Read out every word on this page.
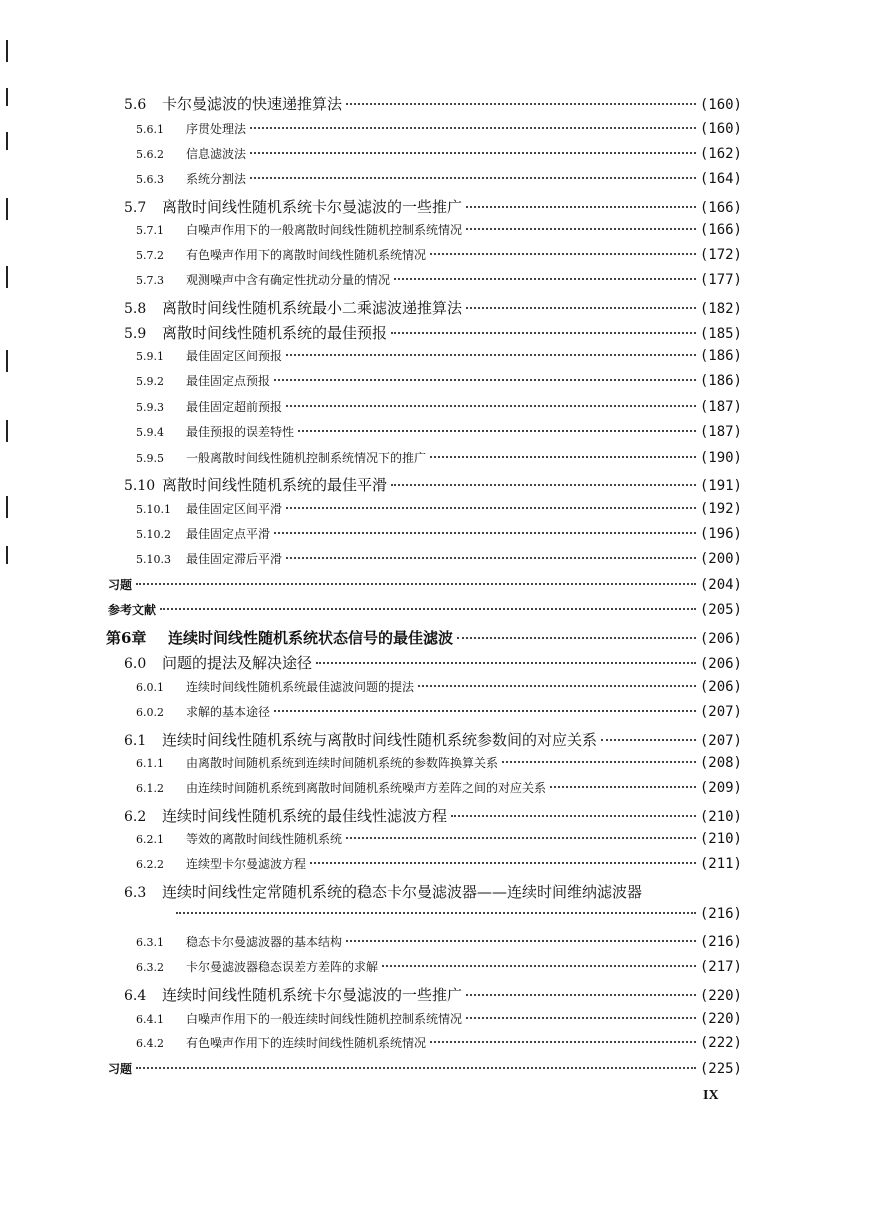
5.6	卡尔曼滤波的快速递推算法	(160)
5.6.1	序贯处理法	(160)
5.6.2	信息滤波法	(162)
5.6.3	系统分割法	(164)
5.7	离散时间线性随机系统卡尔曼滤波的一些推广	(166)
5.7.1	白噪声作用下的一般离散时间线性随机控制系统情况	(166)
5.7.2	有色噪声作用下的离散时间线性随机系统情况	(172)
5.7.3	观测噪声中含有确定性扰动分量的情况	(177)
5.8	离散时间线性随机系统最小二乘滤波递推算法	(182)
5.9	离散时间线性随机系统的最佳预报	(185)
5.9.1	最佳固定区间预报	(186)
5.9.2	最佳固定点预报	(186)
5.9.3	最佳固定超前预报	(187)
5.9.4	最佳预报的误差特性	(187)
5.9.5	一般离散时间线性随机控制系统情况下的推广	(190)
5.10 离散时间线性随机系统的最佳平滑	(191)
5.10.1	最佳固定区间平滑	(192)
5.10.2	最佳固定点平滑	(196)
5.10.3	最佳固定滞后平滑	(200)
习题	(204)
参考文献	(205)
第6章	连续时间线性随机系统状态信号的最佳滤波	(206)
6.0	问题的提法及解决途径	(206)
6.0.1	连续时间线性随机系统最佳滤波问题的提法	(206)
6.0.2	求解的基本途径	(207)
6.1	连续时间线性随机系统与离散时间线性随机系统参数间的对应关系	(207)
6.1.1	由离散时间随机系统到连续时间随机系统的参数阵换算关系	(208)
6.1.2	由连续时间随机系统到离散时间随机系统噪声方差阵之间的对应关系	(209)
6.2	连续时间线性随机系统的最佳线性滤波方程	(210)
6.2.1	等效的离散时间线性随机系统	(210)
6.2.2	连续型卡尔曼滤波方程	(211)
6.3	连续时间线性定常随机系统的稳态卡尔曼滤波器——连续时间维纳滤波器
(216)
6.3.1	稳态卡尔曼滤波器的基本结构	(216)
6.3.2	卡尔曼滤波器稳态误差方差阵的求解	(217)
6.4	连续时间线性随机系统卡尔曼滤波的一些推广	(220)
6.4.1	白噪声作用下的一般连续时间线性随机控制系统情况	(220)
6.4.2	有色噪声作用下的连续时间线性随机系统情况	(222)
习题	(225)
IX
